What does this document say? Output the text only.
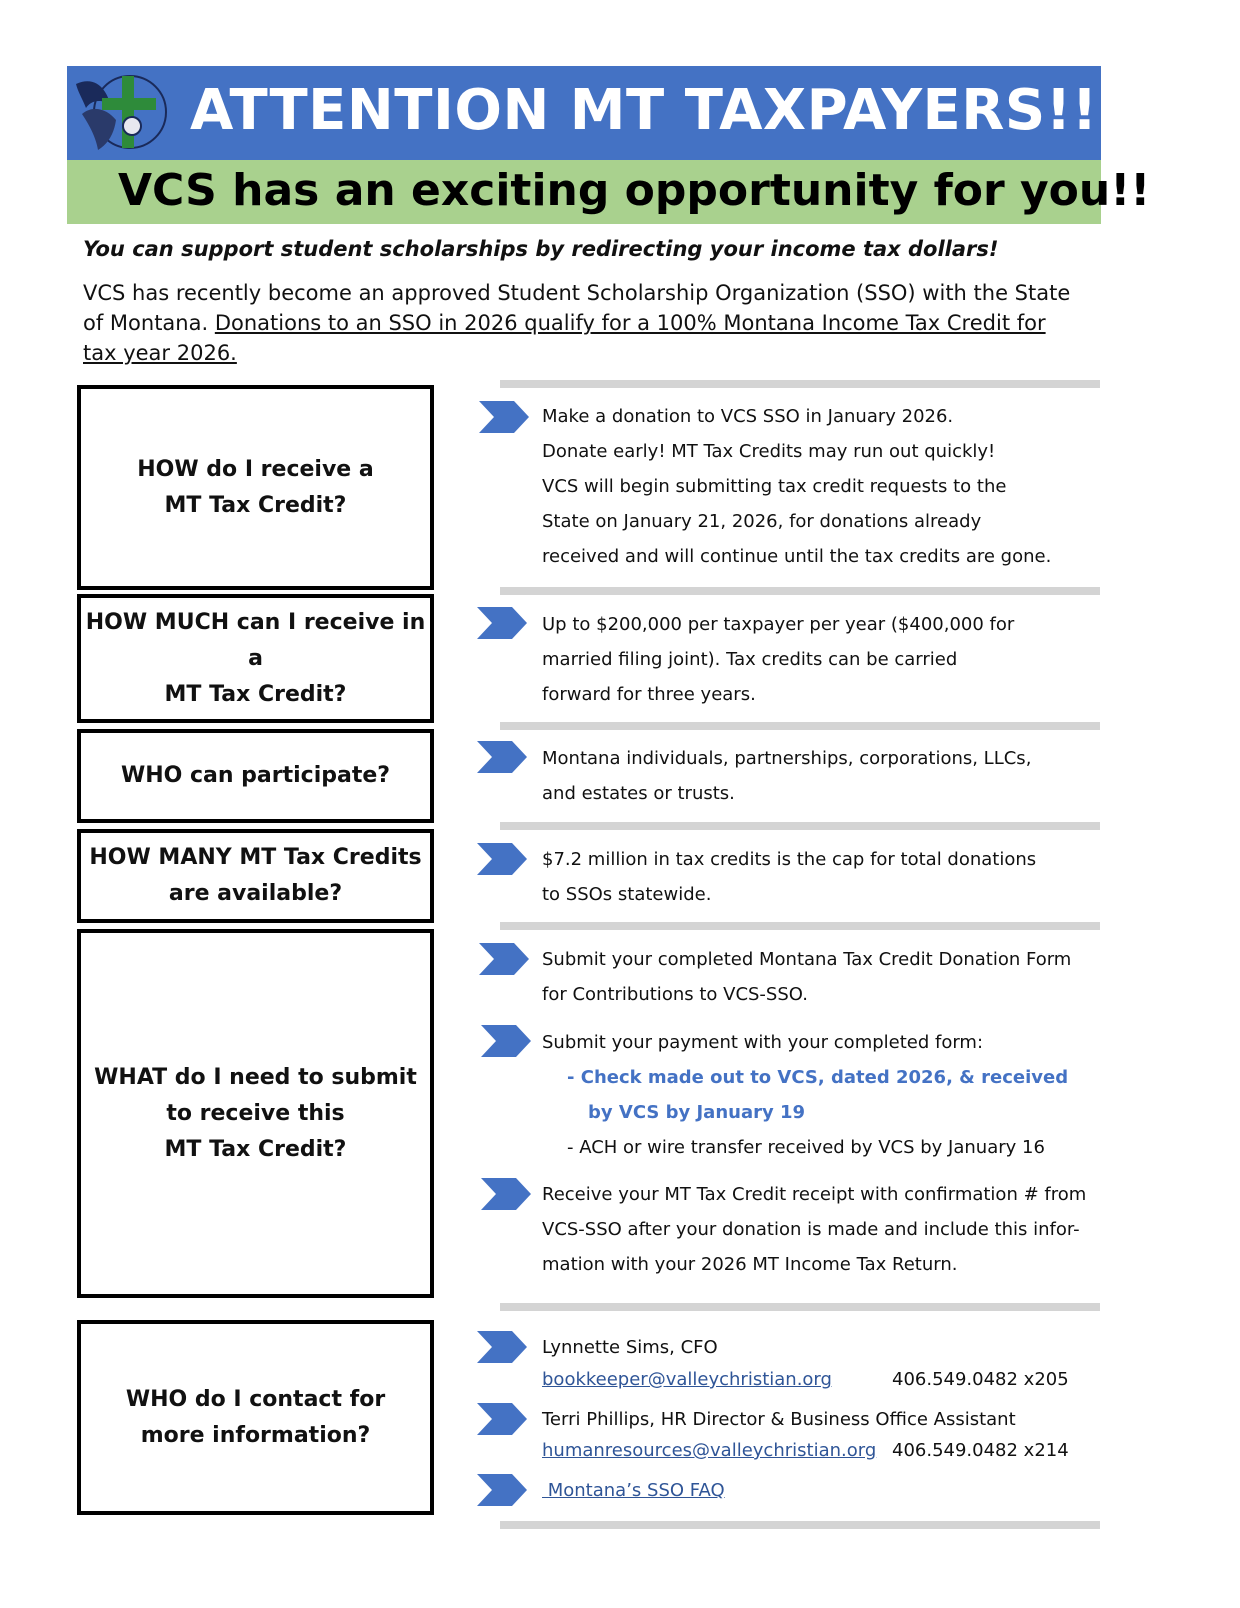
ATTENTION MT TAXPAYERS!!
VCS has an exciting opportunity for you!!
You can support student scholarships by redirecting your income tax dollars!
VCS has recently become an approved Student Scholarship Organization (SSO) with the State of Montana. Donations to an SSO in 2026 qualify for a 100% Montana Income Tax Credit for tax year 2026.
HOW do I receive a
MT Tax Credit?
HOW MUCH can I receive in a
MT Tax Credit?
WHO can participate?
HOW MANY MT Tax Credits
are available?
WHAT do I need to submit
to receive this
MT Tax Credit?
WHO do I contact for
more information?
Make a donation to VCS SSO in January 2026.
Donate early! MT Tax Credits may run out quickly!
VCS will begin submitting tax credit requests to the
State on January 21, 2026, for donations already
received and will continue until the tax credits are gone.
Up to $200,000 per taxpayer per year ($400,000 for
married filing joint). Tax credits can be carried
forward for three years.
Montana individuals, partnerships, corporations, LLCs,
and estates or trusts.
$7.2 million in tax credits is the cap for total donations
to SSOs statewide.
Submit your completed Montana Tax Credit Donation Form
for Contributions to VCS-SSO.
Submit your payment with your completed form:
- Check made out to VCS, dated 2026, & received
by VCS by January 19
- ACH or wire transfer received by VCS by January 16
Receive your MT Tax Credit receipt with confirmation # from
VCS-SSO after your donation is made and include this infor-
mation with your 2026 MT Income Tax Return.
Lynnette Sims, CFO
bookkeeper@valleychristian.org	406.549.0482 x205
Terri Phillips, HR Director & Business Office Assistant
humanresources@valleychristian.org 406.549.0482 x214
Montana’s SSO FAQ
